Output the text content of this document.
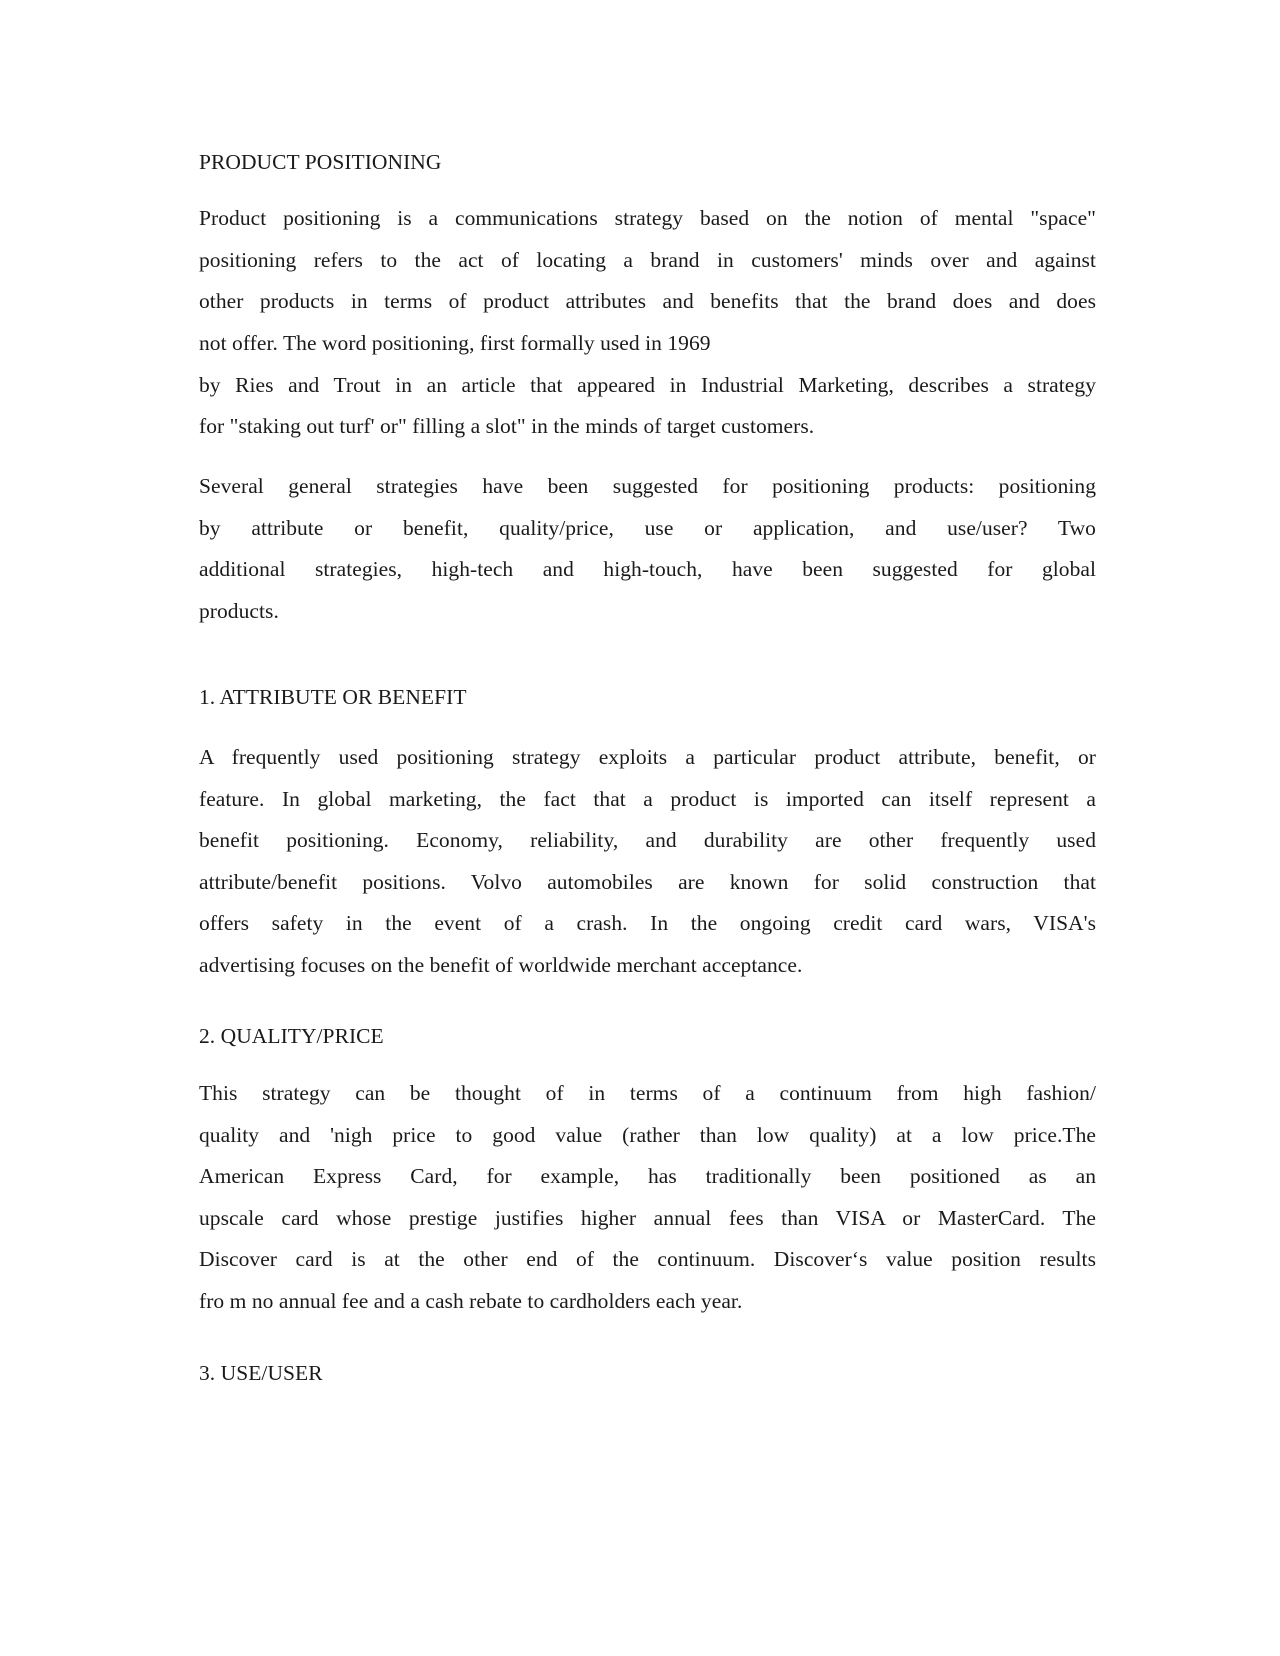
PRODUCT POSITIONING

Product positioning is a communications strategy based on the notion of mental "space"
positioning refers to the act of locating a brand in customers' minds over and against
other products in terms of product attributes and benefits that the brand does and does
not offer. The word positioning, first formally used in 1969
by Ries and Trout in an article that appeared in Industrial Marketing, describes a strategy
for "staking out turf' or" filling a slot" in the minds of target customers.
Several general strategies have been suggested for positioning products: positioning
by attribute or benefit, quality/price, use or application, and use/user? Two
additional strategies, high-tech and high-touch, have been suggested for global
products.

1. ATTRIBUTE OR BENEFIT

A frequently used positioning strategy exploits a particular product attribute, benefit, or
feature. In global marketing, the fact that a product is imported can itself represent a
benefit positioning. Economy, reliability, and durability are other frequently used
attribute/benefit positions. Volvo automobiles are known for solid construction that
offers safety in the event of a crash. In the ongoing credit card wars, VISA's
advertising focuses on the benefit of worldwide merchant acceptance.

2. QUALITY/PRICE

This strategy can be thought of in terms of a continuum from high fashion/
quality and 'nigh price to good value (rather than low quality) at a low price.The
American Express Card, for example, has traditionally been positioned as an
upscale card whose prestige justifies higher annual fees than VISA or MasterCard. The
Discover card is at the other end of the continuum. Discover‘s value position results
fro m no annual fee and a cash rebate to cardholders each year.

3. USE/USER
